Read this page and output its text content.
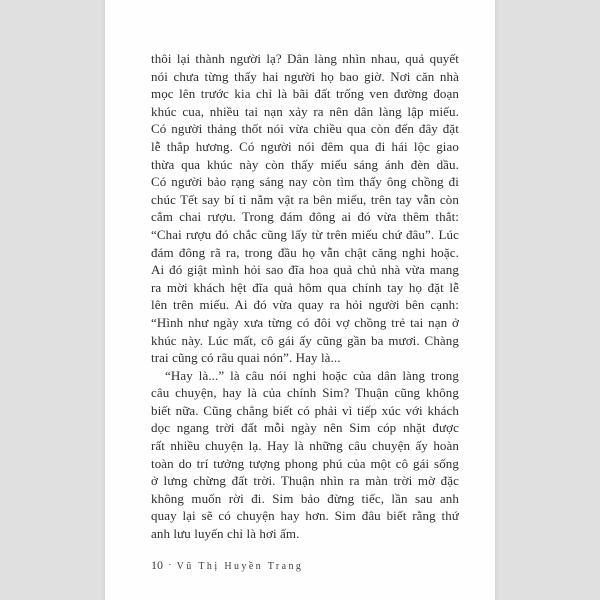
thôi lại thành người lạ? Dân làng nhìn nhau, quả quyết
nói chưa từng thấy hai người họ bao giờ. Nơi căn nhà
mọc lên trước kia chỉ là bãi đất trống ven đường đoạn
khúc cua, nhiều tai nạn xảy ra nên dân làng lập miếu.
Có người thảng thốt nói vừa chiều qua còn đến đây đặt
lễ thắp hương. Có người nói đêm qua đi hái lộc giao
thừa qua khúc này còn thấy miếu sáng ánh đèn dầu.
Có người bảo rạng sáng nay còn tìm thấy ông chồng đi
chúc Tết say bí tỉ nằm vật ra bên miếu, trên tay vẫn còn
cắm chai rượu. Trong đám đông ai đó vừa thêm thắt:
“Chai rượu đó chắc cũng lấy từ trên miếu chứ đâu”. Lúc
đám đông rã ra, trong đầu họ vẫn chật căng nghi hoặc.
Ai đó giật mình hỏi sao đĩa hoa quả chủ nhà vừa mang
ra mời khách hệt đĩa quả hôm qua chính tay họ đặt lễ
lên trên miếu. Ai đó vừa quay ra hỏi người bên cạnh:
“Hình như ngày xưa từng có đôi vợ chồng trẻ tai nạn ở
khúc này. Lúc mất, cô gái ấy cũng gần ba mươi. Chàng
trai cũng có râu quai nón”. Hay là...
“Hay là...” là câu nói nghi hoặc của dân làng trong
câu chuyện, hay là của chính Sim? Thuận cũng không
biết nữa. Cũng chẳng biết có phải vì tiếp xúc với khách
dọc ngang trời đất mỗi ngày nên Sim cóp nhặt được
rất nhiều chuyện lạ. Hay là những câu chuyện ấy hoàn
toàn do trí tưởng tượng phong phú của một cô gái sống
ở lưng chừng đất trời. Thuận nhìn ra màn trời mờ đặc
không muốn rời đi. Sim bảo đừng tiếc, lần sau anh
quay lại sẽ có chuyện hay hơn. Sim đâu biết rằng thứ
anh lưu luyến chỉ là hơi ấm.
10 · Vũ Thị Huyền Trang
